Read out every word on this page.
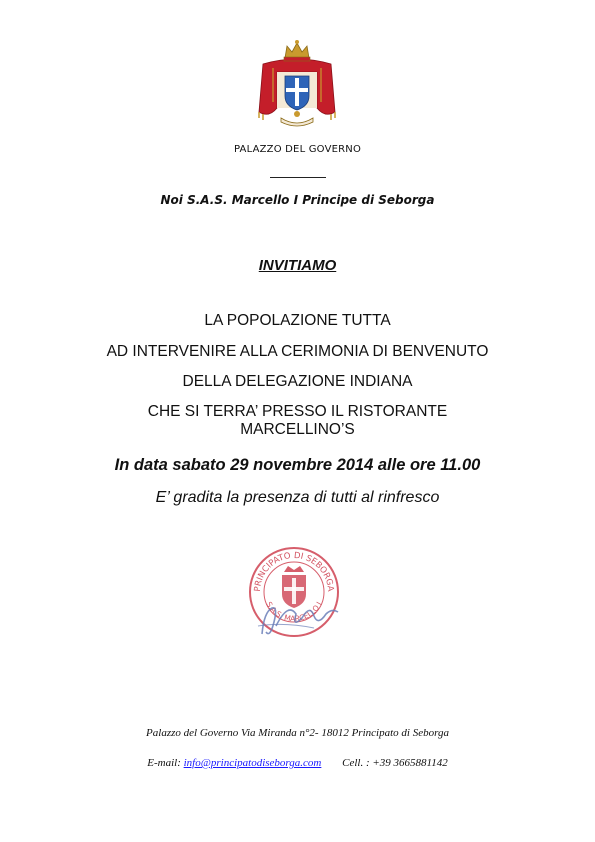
PALAZZO DEL GOVERNO
Noi S.A.S. Marcello I Principe di Seborga
INVITIAMO
LA POPOLAZIONE TUTTA
AD INTERVENIRE ALLA CERIMONIA DI BENVENUTO
DELLA DELEGAZIONE INDIANA
CHE SI TERRA’ PRESSO IL RISTORANTE
MARCELLINO’S
In data sabato 29 novembre 2014 alle ore 11.00
E’ gradita la presenza di tutti al rinfresco
PRINCIPATO DI SEBORGA
S.A.S. MARCELLO I
Palazzo del Governo Via Miranda n°2- 18012 Principato di Seborga
E-mail: info@principatodiseborga.com Cell. : +39 3665881142
